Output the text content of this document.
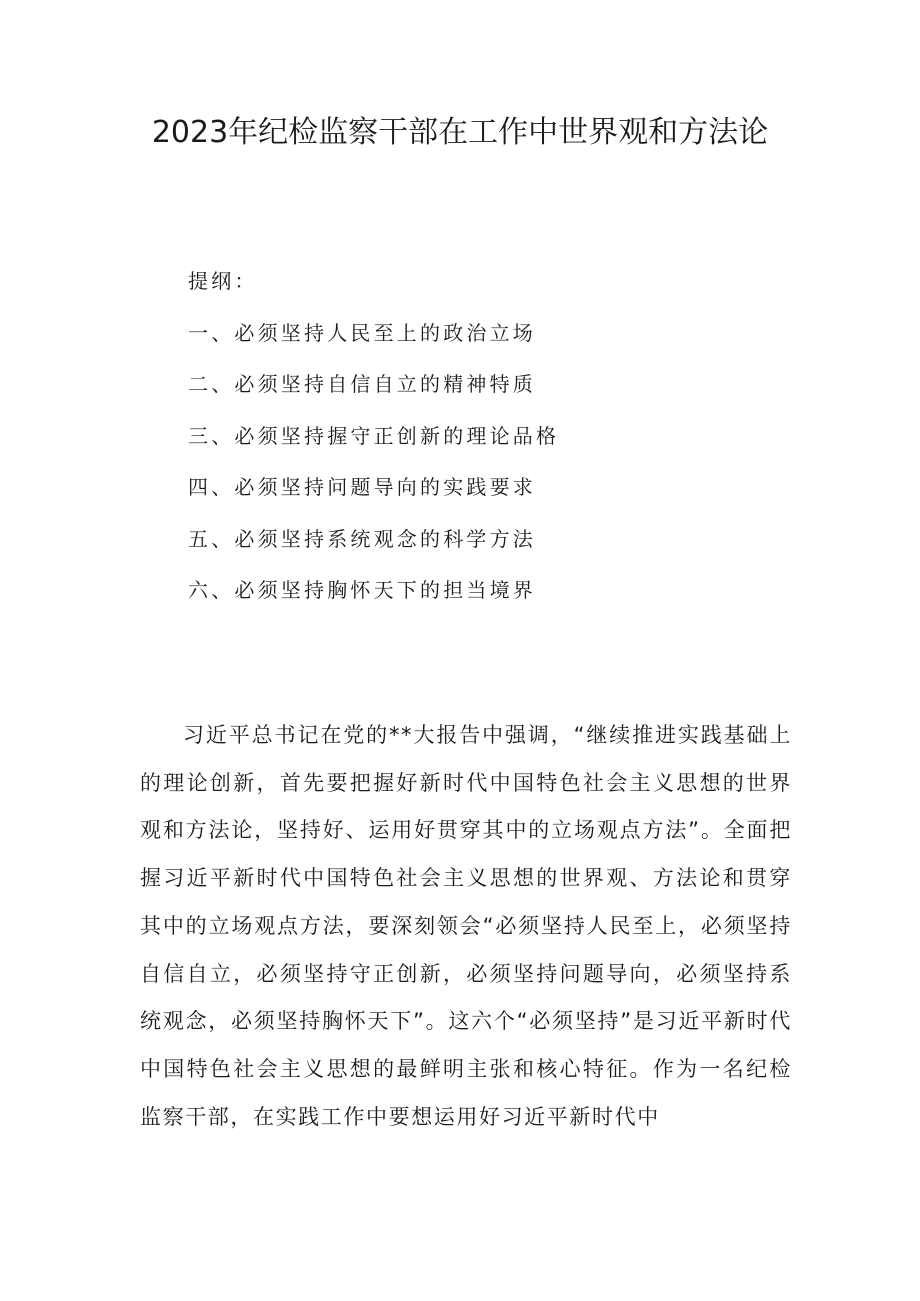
2023年纪检监察干部在工作中世界观和方法论
提纲：
一、必须坚持人民至上的政治立场
二、必须坚持自信自立的精神特质
三、必须坚持握守正创新的理论品格
四、必须坚持问题导向的实践要求
五、必须坚持系统观念的科学方法
六、必须坚持胸怀天下的担当境界

习近平总书记在党的**大报告中强调，“继续推进实践基础上的理论创新，首先要把握好新时代中国特色社会主义思想的世界观和方法论，坚持好、运用好贯穿其中的立场观点方法”。全面把握习近平新时代中国特色社会主义思想的世界观、方法论和贯穿其中的立场观点方法，要深刻领会“必须坚持人民至上，必须坚持自信自立，必须坚持守正创新，必须坚持问题导向，必须坚持系统观念，必须坚持胸怀天下”。这六个“必须坚持”是习近平新时代中国特色社会主义思想的最鲜明主张和核心特征。作为一名纪检监察干部，在实践工作中要想运用好习近平新时代中
